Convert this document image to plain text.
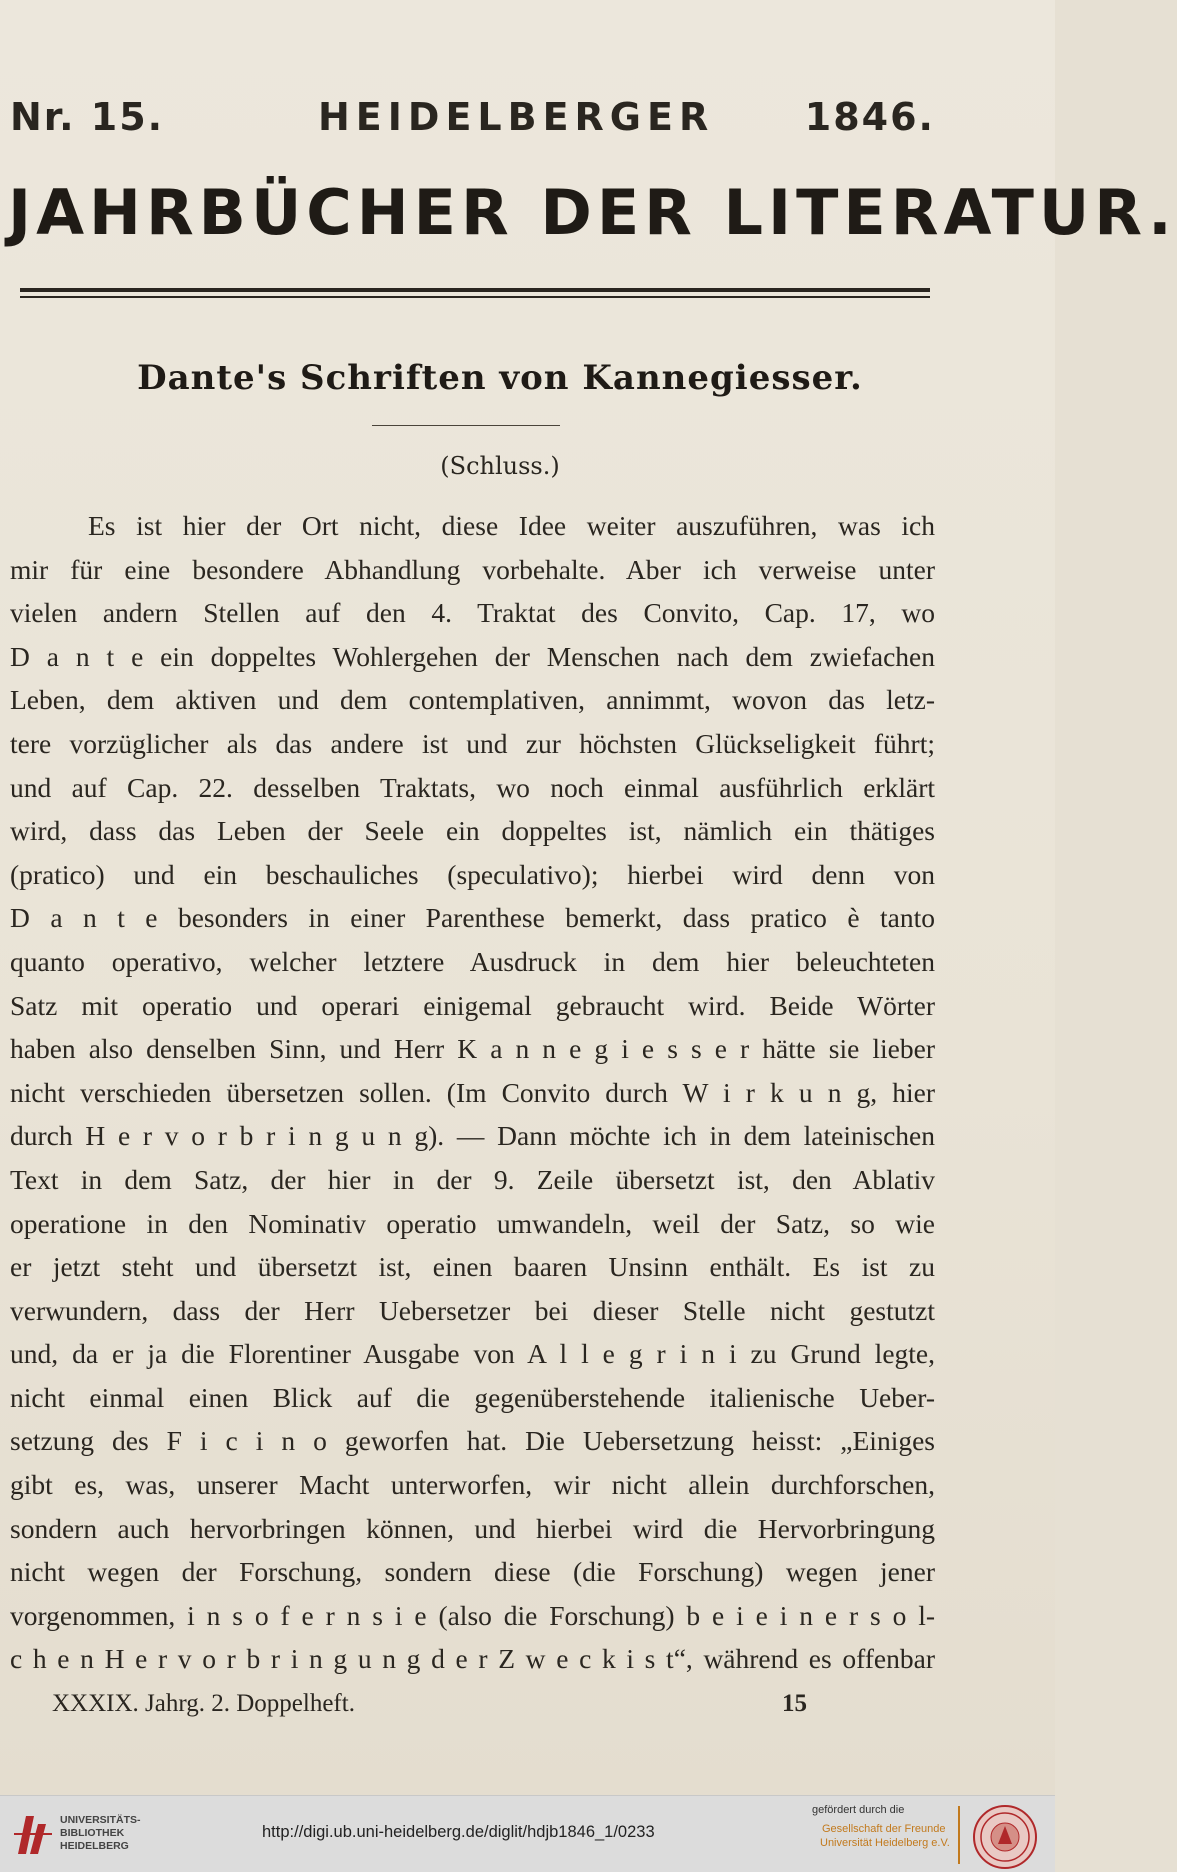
Nr. 15.	HEIDELBERGER 1846.
JAHRBÜCHER DER LITERATUR.
Dante's Schriften von Kannegiesser.
(Schluss.)
Es ist hier der Ort nicht, diese Idee weiter auszuführen, was ich
mir für eine besondere Abhandlung vorbehalte. Aber ich verweise unter
vielen andern Stellen auf den 4. Traktat des Convito, Cap. 17, wo
D a n t e ein doppeltes Wohlergehen der Menschen nach dem zwiefachen
Leben, dem aktiven und dem contemplativen, annimmt, wovon das letz-
tere vorzüglicher als das andere ist und zur höchsten Glückseligkeit führt;
und auf Cap. 22. desselben Traktats, wo noch einmal ausführlich erklärt
wird, dass das Leben der Seele ein doppeltes ist, nämlich ein thätiges
(pratico) und ein beschauliches (speculativo); hierbei wird denn von
D a n t e besonders in einer Parenthese bemerkt, dass pratico è tanto
quanto operativo, welcher letztere Ausdruck in dem hier beleuchteten
Satz mit operatio und operari einigemal gebraucht wird. Beide Wörter
haben also denselben Sinn, und Herr K a n n e g i e s s e r hätte sie lieber
nicht verschieden übersetzen sollen. (Im Convito durch W i r k u n g, hier
durch H e r v o r b r i n g u n g). — Dann möchte ich in dem lateinischen
Text in dem Satz, der hier in der 9. Zeile übersetzt ist, den Ablativ
operatione in den Nominativ operatio umwandeln, weil der Satz, so wie
er jetzt steht und übersetzt ist, einen baaren Unsinn enthält. Es ist zu
verwundern, dass der Herr Uebersetzer bei dieser Stelle nicht gestutzt
und, da er ja die Florentiner Ausgabe von A l l e g r i n i zu Grund legte,
nicht einmal einen Blick auf die gegenüberstehende italienische Ueber-
setzung des F i c i n o geworfen hat. Die Uebersetzung heisst: „Einiges
gibt es, was, unserer Macht unterworfen, wir nicht allein durchforschen,
sondern auch hervorbringen können, und hierbei wird die Hervorbringung
nicht wegen der Forschung, sondern diese (die Forschung) wegen jener
vorgenommen, i n s o f e r n s i e (also die Forschung) b e i e i n e r s o l-
c h e n H e r v o r b r i n g u n g d e r Z w e c k i s t“, während es offenbar
XXXIX. Jahrg. 2. Doppelheft.	15
UNIVERSITÄTS-
BIBLIOTHEK
HEIDELBERG
http://digi.ub.uni-heidelberg.de/diglit/hdjb1846_1/0233
gefördert durch die
Gesellschaft der Freunde
Universität Heidelberg e.V.
